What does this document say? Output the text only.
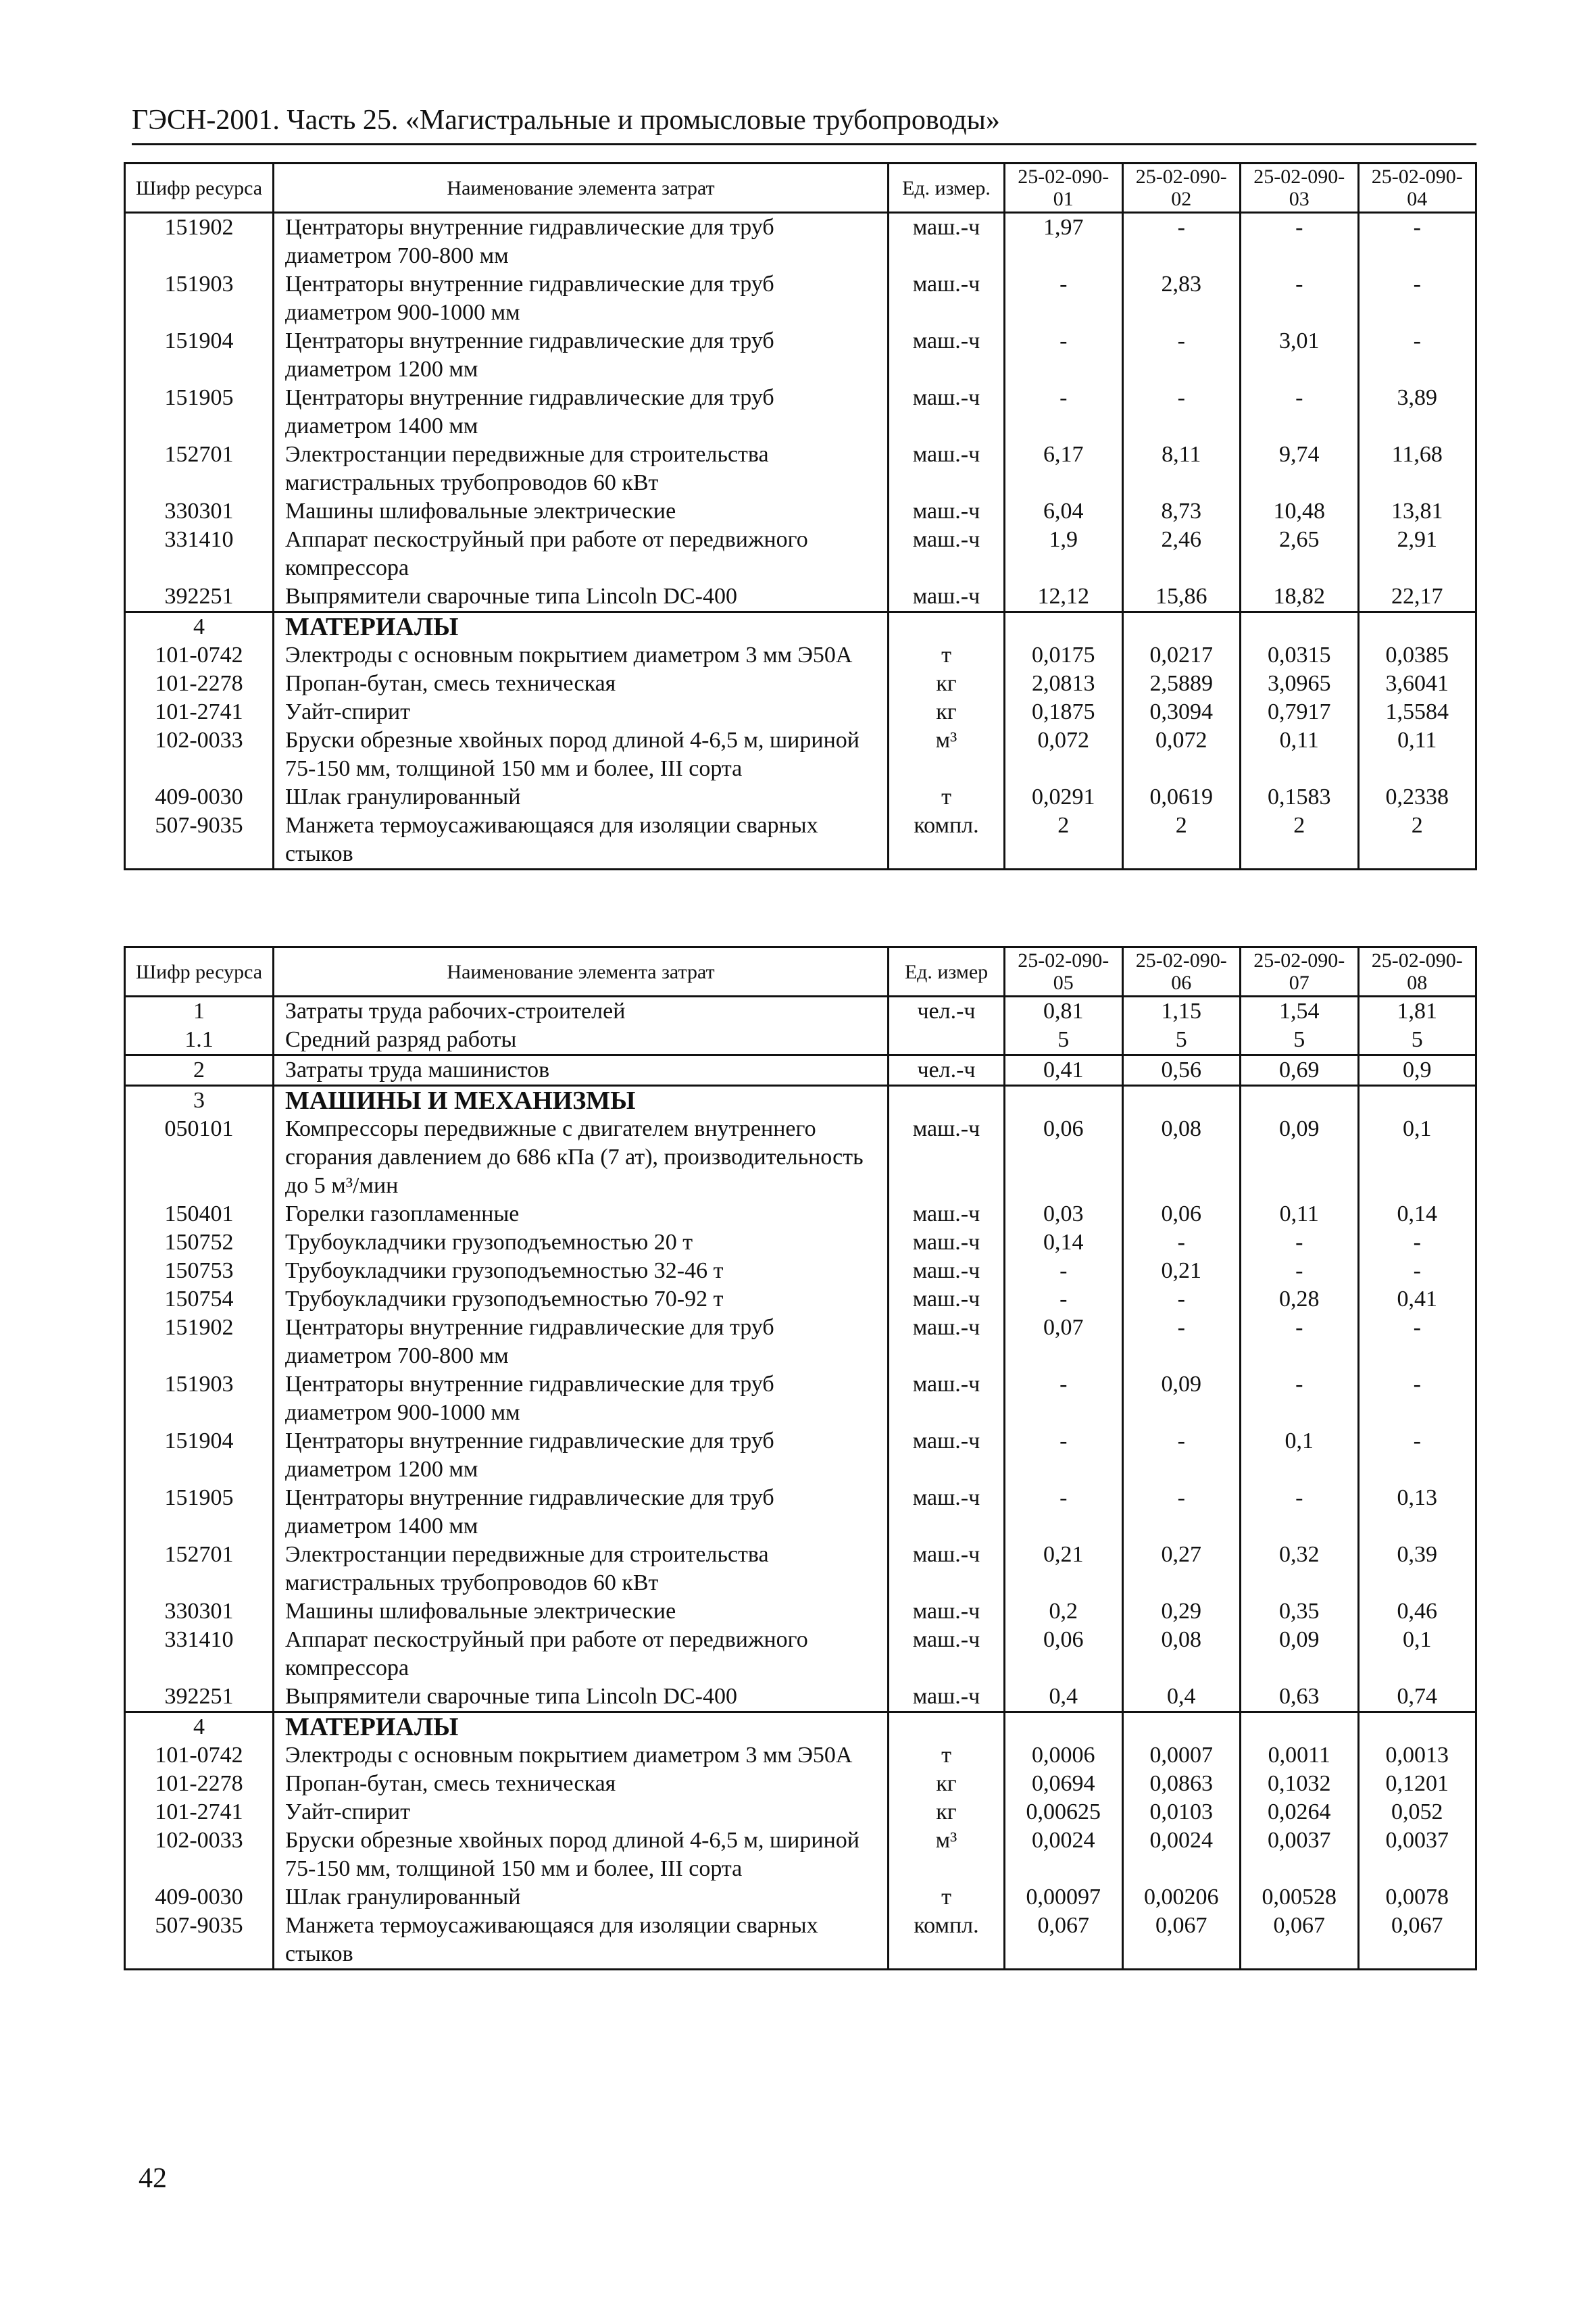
ГЭСН-2001. Часть 25. «Магистральные и промысловые трубопроводы»
Шифр ресурса	Наименование элемента затрат	Ед. измер.	25-02-090-01	25-02-090-02	25-02-090-03	25-02-090-04
151902	Центраторы внутренние гидравлические для труб диаметром 700-800 мм	маш.-ч	1,97	-	-	-
151903	Центраторы внутренние гидравлические для труб диаметром 900-1000 мм	маш.-ч	-	2,83	-	-
151904	Центраторы внутренние гидравлические для труб диаметром 1200 мм	маш.-ч	-	-	3,01	-
151905	Центраторы внутренние гидравлические для труб диаметром 1400 мм	маш.-ч	-	-	-	3,89
152701	Электростанции передвижные для строительства магистральных трубопроводов 60 кВт	маш.-ч	6,17	8,11	9,74	11,68
330301	Машины шлифовальные электрические	маш.-ч	6,04	8,73	10,48	13,81
331410	Аппарат пескоструйный при работе от передвижного компрессора	маш.-ч	1,9	2,46	2,65	2,91
392251	Выпрямители сварочные типа Lincoln DC-400	маш.-ч	12,12	15,86	18,82	22,17
4	МАТЕРИАЛЫ					
101-0742	Электроды с основным покрытием диаметром 3 мм Э50А	т	0,0175	0,0217	0,0315	0,0385
101-2278	Пропан-бутан, смесь техническая	кг	2,0813	2,5889	3,0965	3,6041
101-2741	Уайт-спирит	кг	0,1875	0,3094	0,7917	1,5584
102-0033	Бруски обрезные хвойных пород длиной 4-6,5 м, шириной 75-150 мм, толщиной 150 мм и более, III сорта	м³	0,072	0,072	0,11	0,11
409-0030	Шлак гранулированный	т	0,0291	0,0619	0,1583	0,2338
507-9035	Манжета термоусаживающаяся для изоляции сварных стыков	компл.	2	2	2	2
Шифр ресурса	Наименование элемента затрат	Ед. измер	25-02-090-05	25-02-090-06	25-02-090-07	25-02-090-08
1	Затраты труда рабочих-строителей	чел.-ч	0,81	1,15	1,54	1,81
1.1	Средний разряд работы		5	5	5	5
2	Затраты труда машинистов	чел.-ч	0,41	0,56	0,69	0,9
3	МАШИНЫ И МЕХАНИЗМЫ					
050101	Компрессоры передвижные с двигателем внутреннего сгорания давлением до 686 кПа (7 ат), производительность до 5 м³/мин	маш.-ч	0,06	0,08	0,09	0,1
150401	Горелки газопламенные	маш.-ч	0,03	0,06	0,11	0,14
150752	Трубоукладчики грузоподъемностью 20 т	маш.-ч	0,14	-	-	-
150753	Трубоукладчики грузоподъемностью 32-46 т	маш.-ч	-	0,21	-	-
150754	Трубоукладчики грузоподъемностью 70-92 т	маш.-ч	-	-	0,28	0,41
151902	Центраторы внутренние гидравлические для труб диаметром 700-800 мм	маш.-ч	0,07	-	-	-
151903	Центраторы внутренние гидравлические для труб диаметром 900-1000 мм	маш.-ч	-	0,09	-	-
151904	Центраторы внутренние гидравлические для труб диаметром 1200 мм	маш.-ч	-	-	0,1	-
151905	Центраторы внутренние гидравлические для труб диаметром 1400 мм	маш.-ч	-	-	-	0,13
152701	Электростанции передвижные для строительства магистральных трубопроводов 60 кВт	маш.-ч	0,21	0,27	0,32	0,39
330301	Машины шлифовальные электрические	маш.-ч	0,2	0,29	0,35	0,46
331410	Аппарат пескоструйный при работе от передвижного компрессора	маш.-ч	0,06	0,08	0,09	0,1
392251	Выпрямители сварочные типа Lincoln DC-400	маш.-ч	0,4	0,4	0,63	0,74
4	МАТЕРИАЛЫ					
101-0742	Электроды с основным покрытием диаметром 3 мм Э50А	т	0,0006	0,0007	0,0011	0,0013
101-2278	Пропан-бутан, смесь техническая	кг	0,0694	0,0863	0,1032	0,1201
101-2741	Уайт-спирит	кг	0,00625	0,0103	0,0264	0,052
102-0033	Бруски обрезные хвойных пород длиной 4-6,5 м, шириной 75-150 мм, толщиной 150 мм и более, III сорта	м³	0,0024	0,0024	0,0037	0,0037
409-0030	Шлак гранулированный	т	0,00097	0,00206	0,00528	0,0078
507-9035	Манжета термоусаживающаяся для изоляции сварных стыков	компл.	0,067	0,067	0,067	0,067
42
